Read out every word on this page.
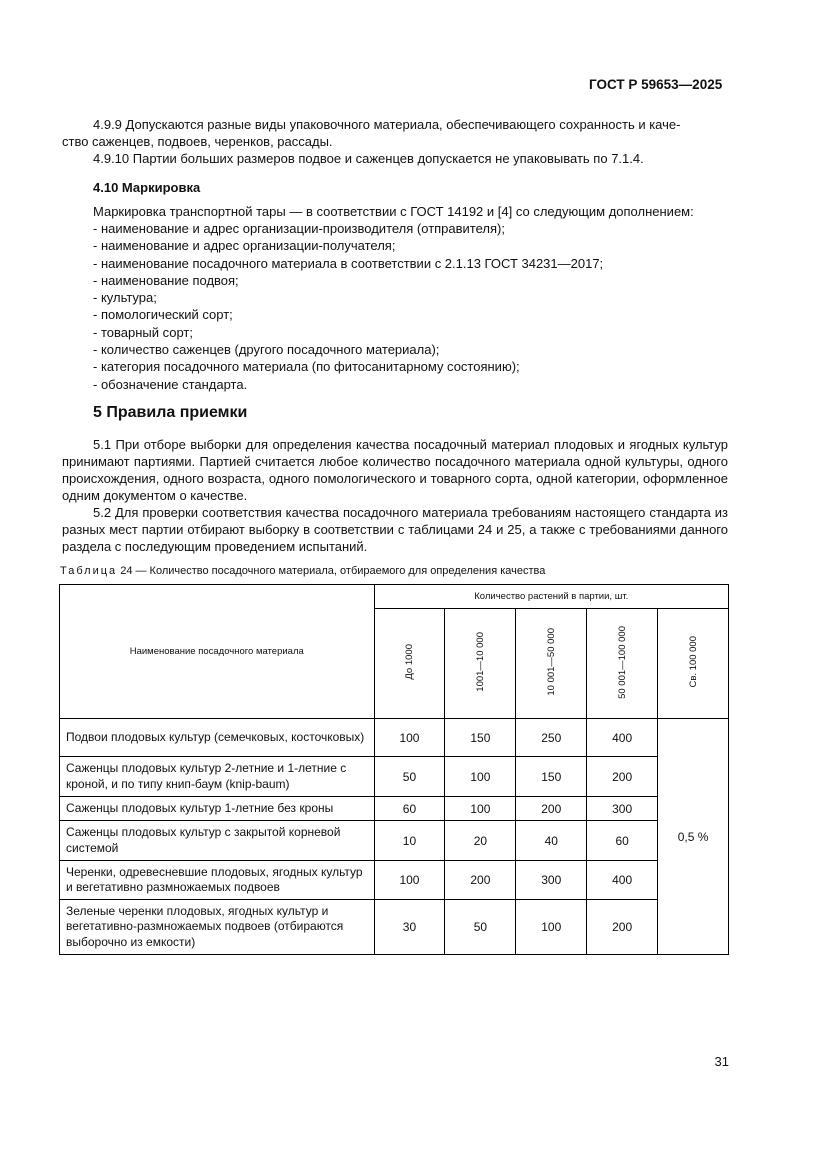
ГОСТ Р 59653—2025
4.9.9 Допускаются разные виды упаковочного материала, обеспечивающего сохранность и каче-
ство саженцев, подвоев, черенков, рассады.
4.9.10 Партии больших размеров подвое и саженцев допускается не упаковывать по 7.1.4.
4.10 Маркировка
Маркировка транспортной тары — в соответствии с ГОСТ 14192 и [4] со следующим дополнением:
- наименование и адрес организации-производителя (отправителя);
- наименование и адрес организации-получателя;
- наименование посадочного материала в соответствии с 2.1.13 ГОСТ 34231—2017;
- наименование подвоя;
- культура;
- помологический сорт;
- товарный сорт;
- количество саженцев (другого посадочного материала);
- категория посадочного материала (по фитосанитарному состоянию);
- обозначение стандарта.
5 Правила приемки
5.1 При отборе выборки для определения качества посадочный материал плодовых и ягодных культур принимают партиями. Партией считается любое количество посадочного материала одной культуры, одного происхождения, одного возраста, одного помологического и товарного сорта, одной категории, оформленное одним документом о качестве.
5.2 Для проверки соответствия качества посадочного материала требованиям настоящего стандарта из разных мест партии отбирают выборку в соответствии с таблицами 24 и 25, а также с требованиями данного раздела с последующим проведением испытаний.
Таблица 24 — Количество посадочного материала, отбираемого для определения качества
Наименование посадочного материала	Количество растений в партии, шт.				
	До 1000	1001—10 000	10 001—50 000	50 001—100 000	Св. 100 000
Подвои плодовых культур (семечковых, косточковых)	100	150	250	400	0,5 %
Саженцы плодовых культур 2-летние и 1-летние с кроной, и по типу книп-баум (knip-baum)	50	100	150	200	
Саженцы плодовых культур 1-летние без кроны	60	100	200	300	
Саженцы плодовых культур с закрытой корневой системой	10	20	40	60	
Черенки, одревесневшие плодовых, ягодных культур и вегетативно размножаемых подвоев	100	200	300	400	
Зеленые черенки плодовых, ягодных культур и вегетативно-размножаемых подвоев (отбираются выборочно из емкости)	30	50	100	200	
31
